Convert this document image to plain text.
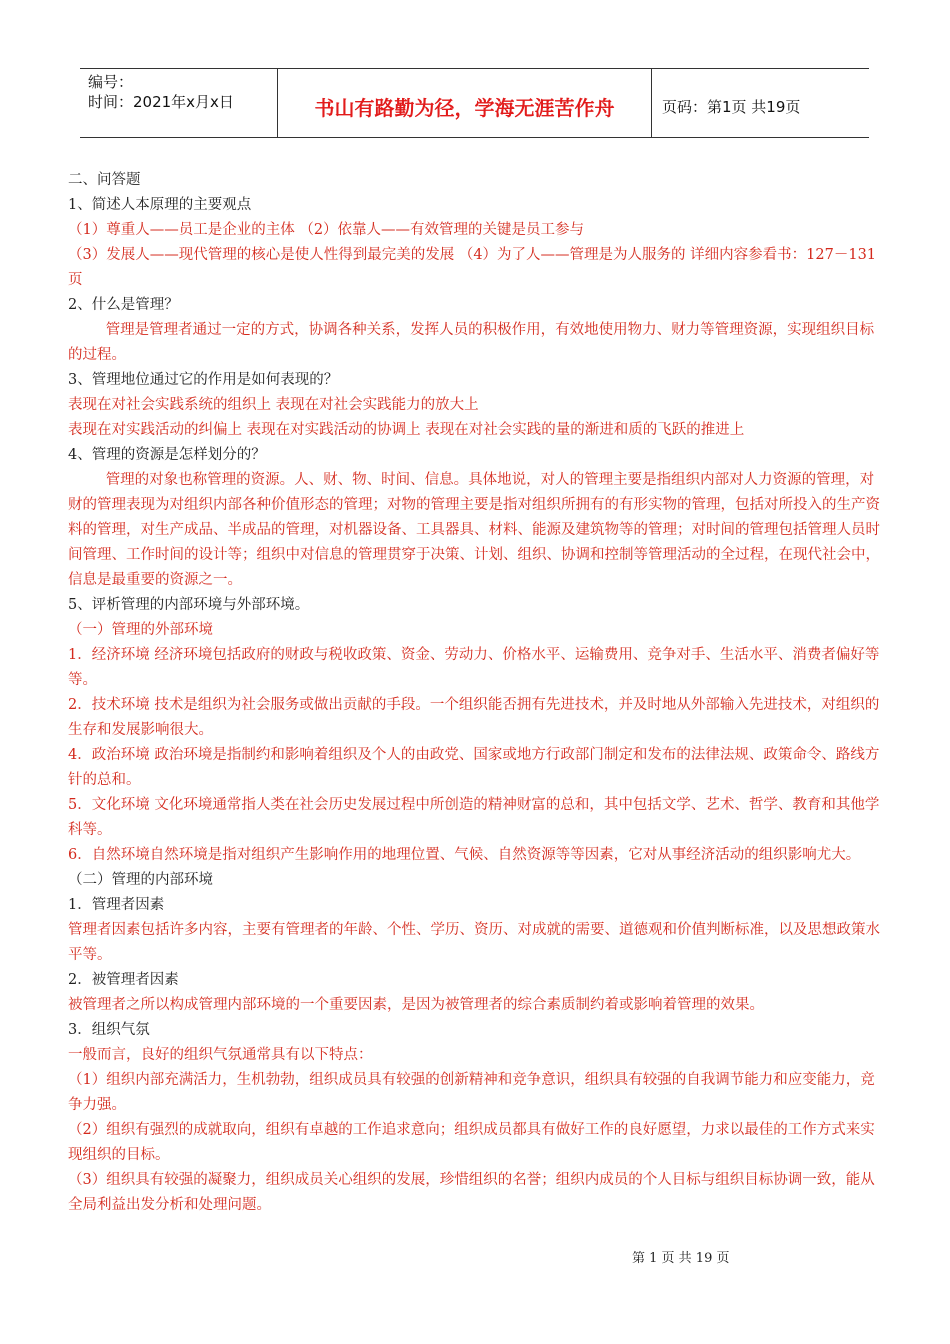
编号：
时间：2021年x月x日	书山有路勤为径，学海无涯苦作舟	页码：第1页 共19页
二、问答题
1、简述人本原理的主要观点
（1）尊重人——员工是企业的主体 （2）依靠人——有效管理的关键是员工参与
（3）发展人——现代管理的核心是使人性得到最完美的发展 （4）为了人——管理是为人服务的 详细内容参看书：127－131页
2、什么是管理？
管理是管理者通过一定的方式，协调各种关系，发挥人员的积极作用，有效地使用物力、财力等管理资源，实现组织目标的过程。
3、管理地位通过它的作用是如何表现的？
表现在对社会实践系统的组织上 表现在对社会实践能力的放大上
表现在对实践活动的纠偏上 表现在对实践活动的协调上 表现在对社会实践的量的渐进和质的飞跃的推进上
4、管理的资源是怎样划分的？
管理的对象也称管理的资源。人、财、物、时间、信息。具体地说，对人的管理主要是指组织内部对人力资源的管理，对财的管理表现为对组织内部各种价值形态的管理；对物的管理主要是指对组织所拥有的有形实物的管理，包括对所投入的生产资料的管理，对生产成品、半成品的管理，对机器设备、工具器具、材料、能源及建筑物等的管理；对时间的管理包括管理人员时间管理、工作时间的设计等；组织中对信息的管理贯穿于决策、计划、组织、协调和控制等管理活动的全过程，在现代社会中，信息是最重要的资源之一。
5、评析管理的内部环境与外部环境。
（一）管理的外部环境
1．经济环境 经济环境包括政府的财政与税收政策、资金、劳动力、价格水平、运输费用、竞争对手、生活水平、消费者偏好等等。
2．技术环境 技术是组织为社会服务或做出贡献的手段。一个组织能否拥有先进技术，并及时地从外部输入先进技术，对组织的生存和发展影响很大。
4．政治环境 政治环境是指制约和影响着组织及个人的由政党、国家或地方行政部门制定和发布的法律法规、政策命令、路线方针的总和。
5．文化环境 文化环境通常指人类在社会历史发展过程中所创造的精神财富的总和，其中包括文学、艺术、哲学、教育和其他学科等。
6．自然环境自然环境是指对组织产生影响作用的地理位置、气候、自然资源等等因素，它对从事经济活动的组织影响尤大。
（二）管理的内部环境
1．管理者因素
管理者因素包括许多内容，主要有管理者的年龄、个性、学历、资历、对成就的需要、道德观和价值判断标准，以及思想政策水平等。
2．被管理者因素
被管理者之所以构成管理内部环境的一个重要因素，是因为被管理者的综合素质制约着或影响着管理的效果。
3．组织气氛
一般而言，良好的组织气氛通常具有以下特点：
（1）组织内部充满活力，生机勃勃，组织成员具有较强的创新精神和竞争意识，组织具有较强的自我调节能力和应变能力，竞争力强。
（2）组织有强烈的成就取向，组织有卓越的工作追求意向；组织成员都具有做好工作的良好愿望，力求以最佳的工作方式来实现组织的目标。
（3）组织具有较强的凝聚力，组织成员关心组织的发展，珍惜组织的名誉；组织内成员的个人目标与组织目标协调一致，能从全局利益出发分析和处理问题。
第 1 页 共 19 页
